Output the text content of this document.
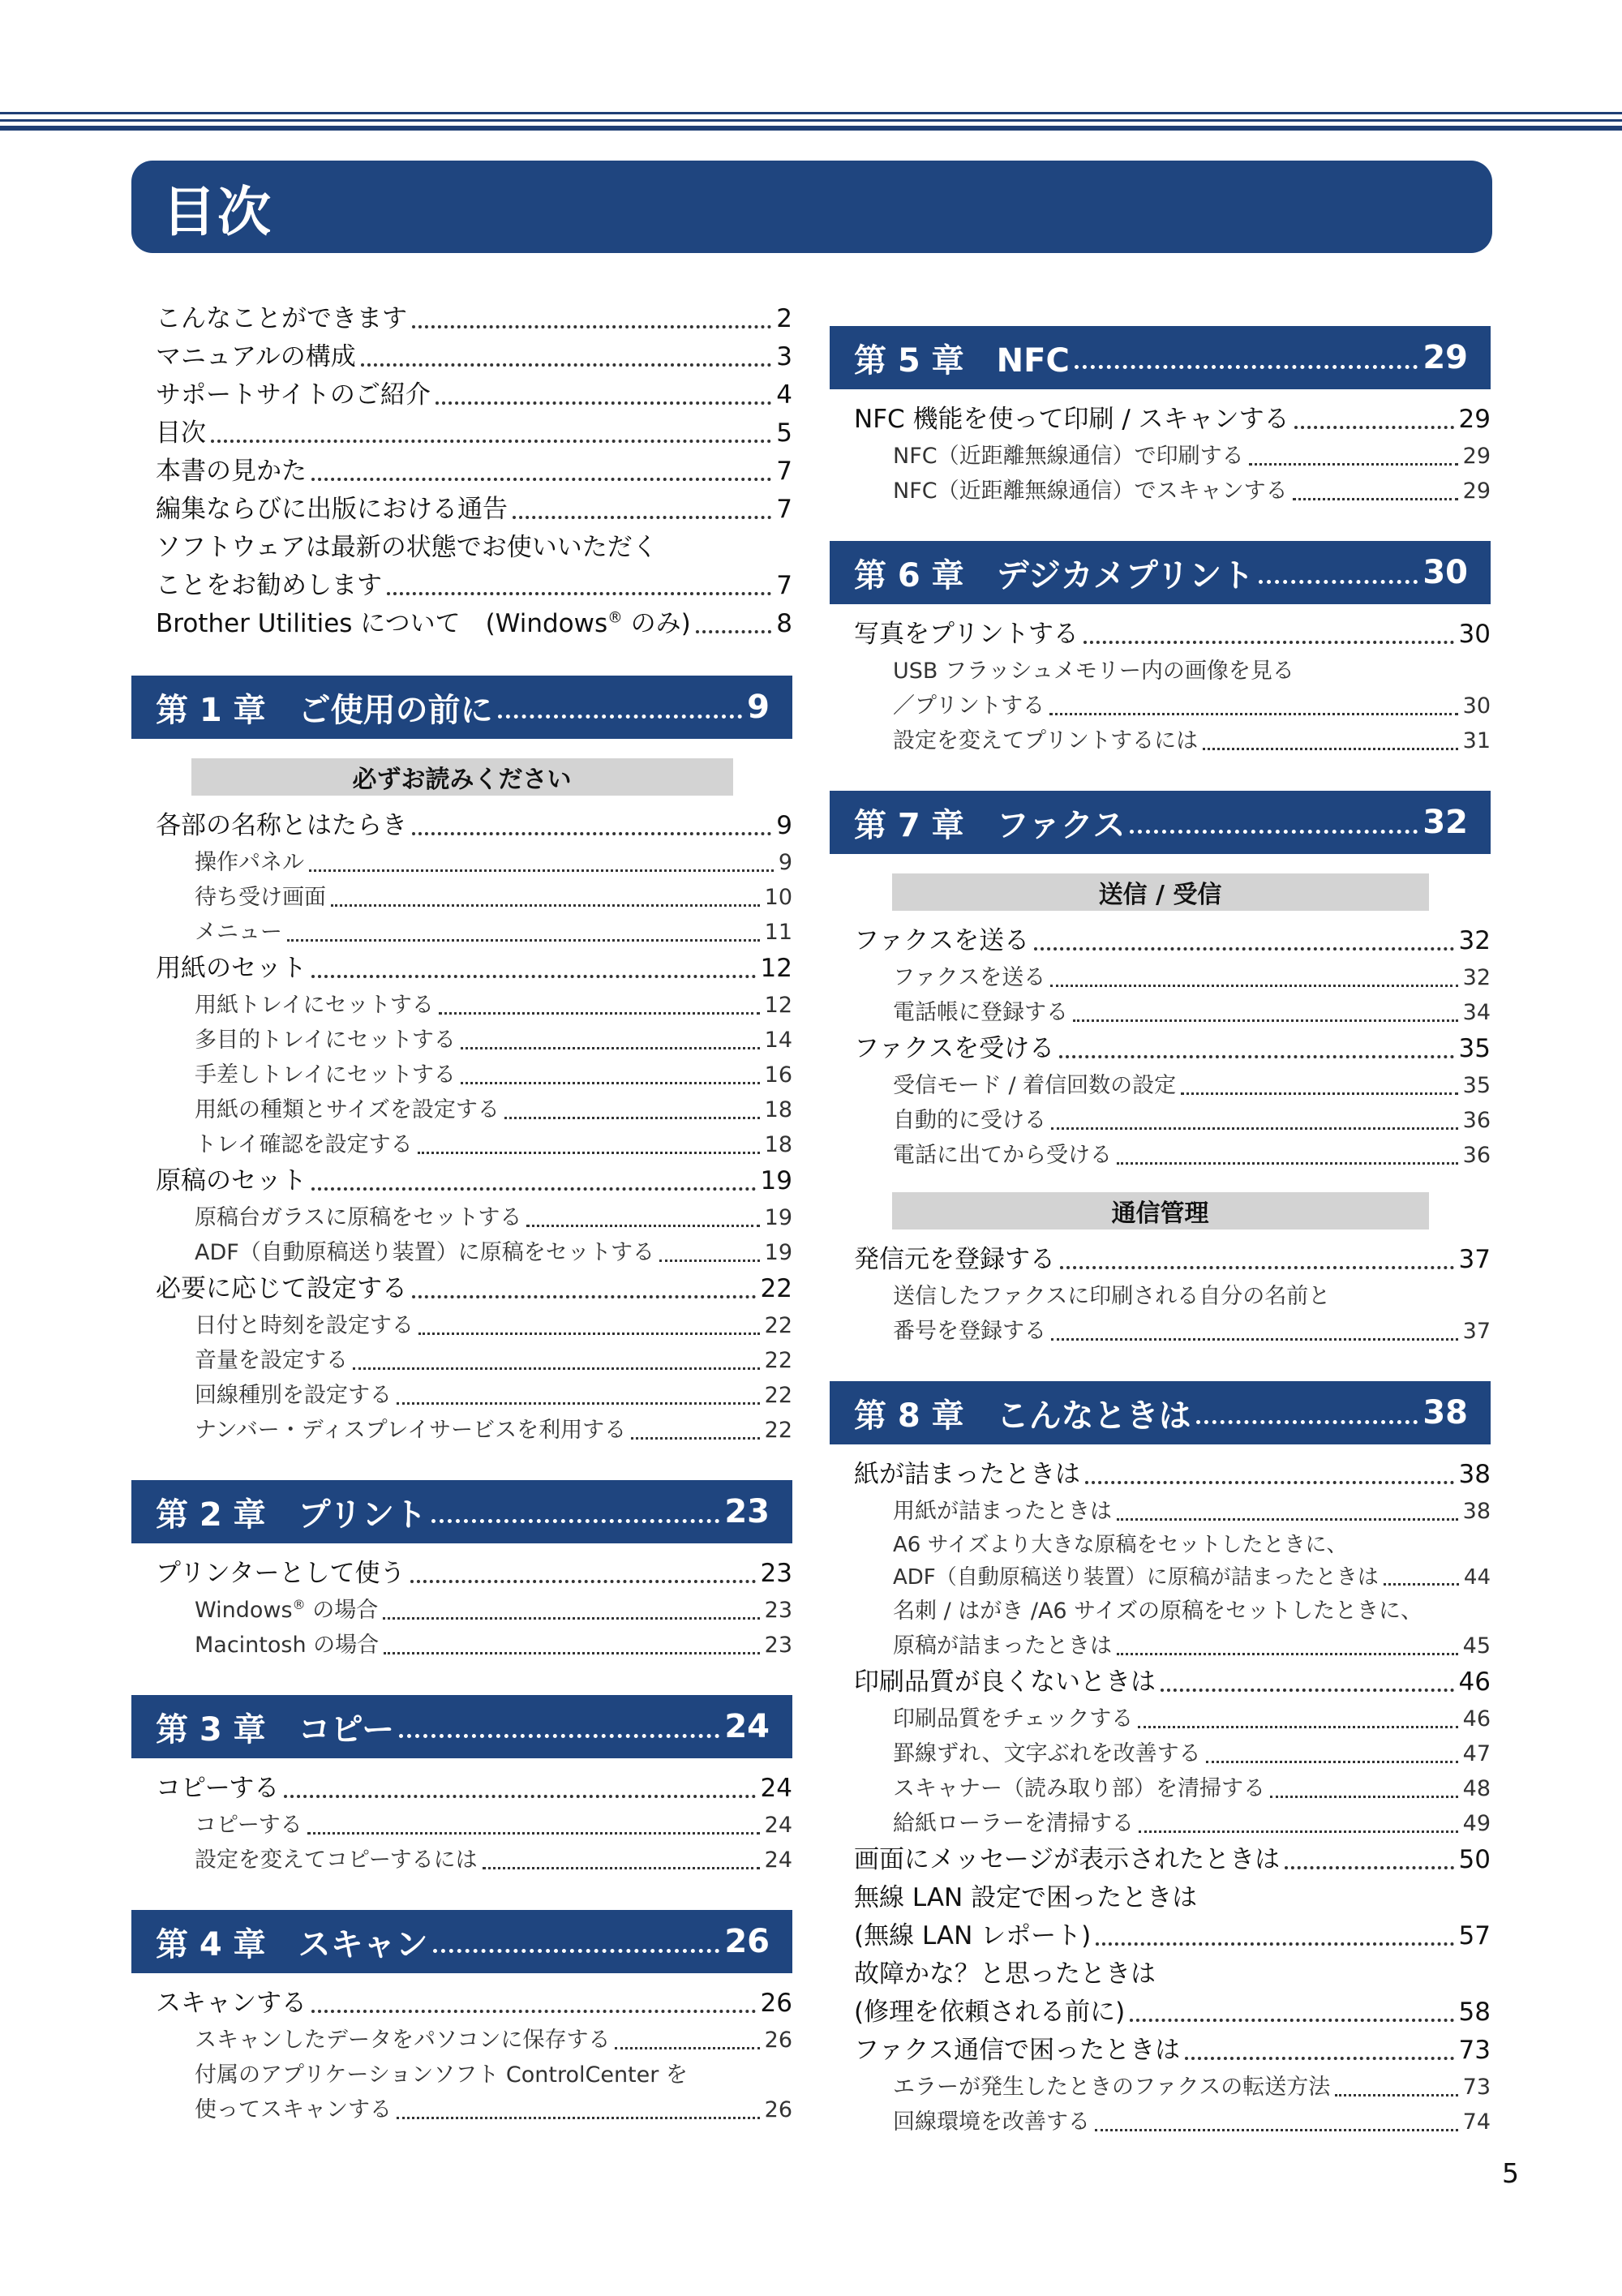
目次
こんなことができます	2
マニュアルの構成	3
サポートサイトのご紹介	4
目次	5
本書の見かた	7
編集ならびに出版における通告	7
ソフトウェアは最新の状態でお使いいただく
ことをお勧めします	7
Brother Utilities について　(Windows® のみ)	8
第 1 章　ご使用の前に	9
必ずお読みください
各部の名称とはたらき	9
操作パネル	9
待ち受け画面	10
メニュー	11
用紙のセット	12
用紙トレイにセットする	12
多目的トレイにセットする	14
手差しトレイにセットする	16
用紙の種類とサイズを設定する	18
トレイ確認を設定する	18
原稿のセット	19
原稿台ガラスに原稿をセットする	19
ADF（自動原稿送り装置）に原稿をセットする	19
必要に応じて設定する	22
日付と時刻を設定する	22
音量を設定する	22
回線種別を設定する	22
ナンバー・ディスプレイサービスを利用する	22
第 2 章　プリント	23
プリンターとして使う	23
Windows® の場合	23
Macintosh の場合	23
第 3 章　コピー	24
コピーする	24
コピーする	24
設定を変えてコピーするには	24
第 4 章　スキャン	26
スキャンする	26
スキャンしたデータをパソコンに保存する	26
付属のアプリケーションソフト ControlCenter を
使ってスキャンする	26
第 5 章　NFC	29
NFC 機能を使って印刷 / スキャンする	29
NFC（近距離無線通信）で印刷する	29
NFC（近距離無線通信）でスキャンする	29
第 6 章　デジカメプリント	30
写真をプリントする	30
USB フラッシュメモリー内の画像を見る
／プリントする	30
設定を変えてプリントするには	31
第 7 章　ファクス	32
送信 / 受信
ファクスを送る	32
ファクスを送る	32
電話帳に登録する	34
ファクスを受ける	35
受信モード / 着信回数の設定	35
自動的に受ける	36
電話に出てから受ける	36
通信管理
発信元を登録する	37
送信したファクスに印刷される自分の名前と
番号を登録する	37
第 8 章　こんなときは	38
紙が詰まったときは	38
用紙が詰まったときは	38
A6 サイズより大きな原稿をセットしたときに、
ADF（自動原稿送り装置）に原稿が詰まったときは	44
名刺 / はがき /A6 サイズの原稿をセットしたときに、
原稿が詰まったときは	45
印刷品質が良くないときは	46
印刷品質をチェックする	46
罫線ずれ、文字ぶれを改善する	47
スキャナー（読み取り部）を清掃する	48
給紙ローラーを清掃する	49
画面にメッセージが表示されたときは	50
無線 LAN 設定で困ったときは
(無線 LAN レポート)	57
故障かな？と思ったときは
(修理を依頼される前に)	58
ファクス通信で困ったときは	73
エラーが発生したときのファクスの転送方法	73
回線環境を改善する	74
5
